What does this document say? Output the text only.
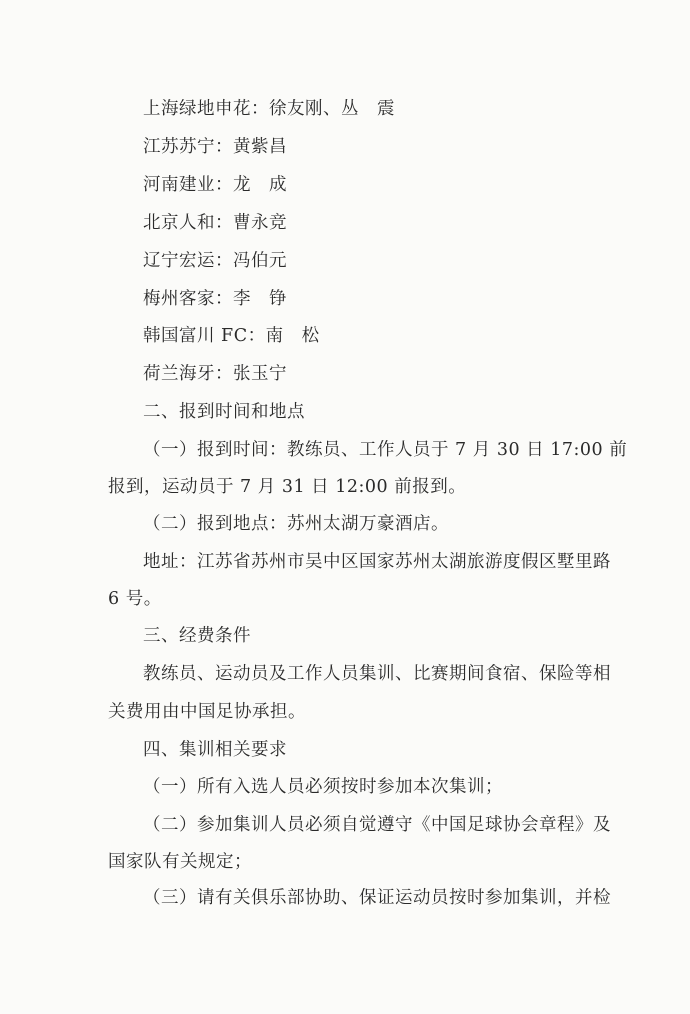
上海绿地申花：徐友刚、丛　震
江苏苏宁：黄紫昌
河南建业：龙　成
北京人和：曹永竞
辽宁宏运：冯伯元
梅州客家：李　铮
韩国富川 FC：南　松
荷兰海牙：张玉宁
二、报到时间和地点
（一）报到时间：教练员、工作人员于 7 月 30 日 17:00 前
报到，运动员于 7 月 31 日 12:00 前报到。
（二）报到地点：苏州太湖万豪酒店。
地址：江苏省苏州市吴中区国家苏州太湖旅游度假区墅里路
6 号。
三、经费条件
教练员、运动员及工作人员集训、比赛期间食宿、保险等相
关费用由中国足协承担。
四、集训相关要求
（一）所有入选人员必须按时参加本次集训；
（二）参加集训人员必须自觉遵守《中国足球协会章程》及
国家队有关规定；
（三）请有关俱乐部协助、保证运动员按时参加集训，并检
